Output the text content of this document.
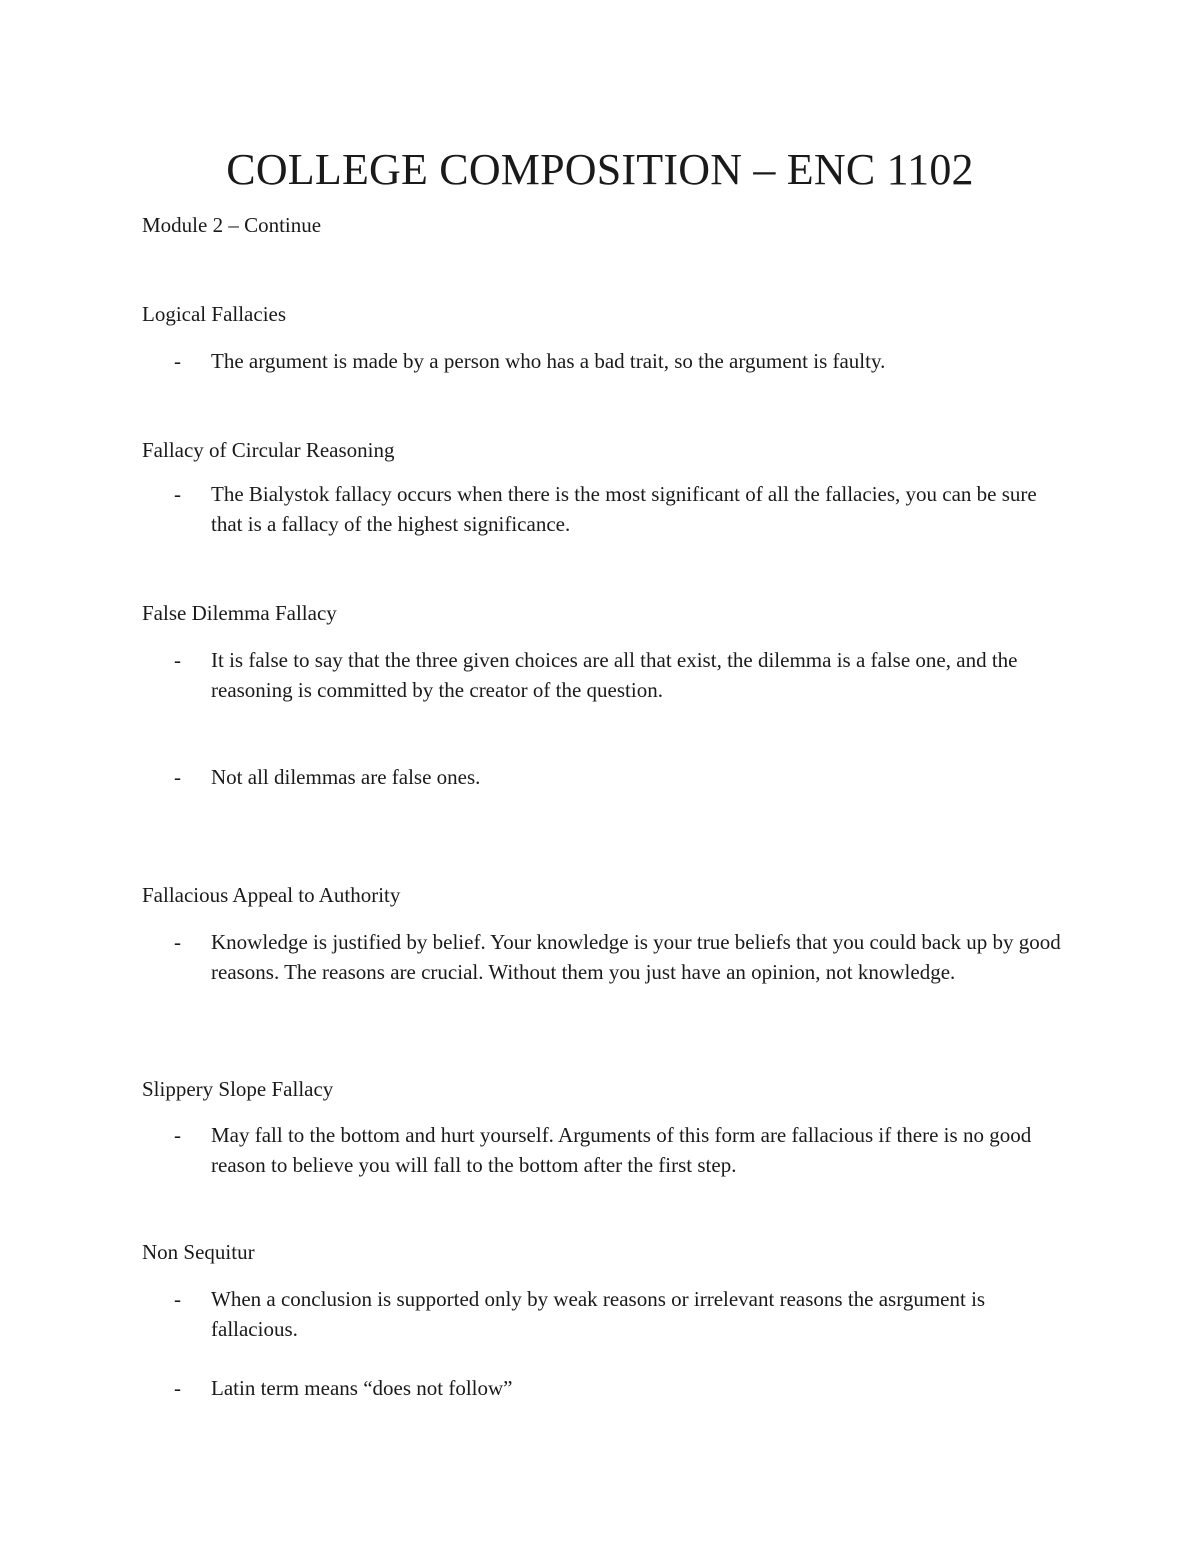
COLLEGE COMPOSITION – ENC 1102

Module 2 – Continue

Logical Fallacies
- The argument is made by a person who has a bad trait, so the argument is faulty.
Fallacy of Circular Reasoning
- The Bialystok fallacy occurs when there is the most significant of all the fallacies, you can be sure that is a fallacy of the highest significance.
False Dilemma Fallacy
- It is false to say that the three given choices are all that exist, the dilemma is a false one, and the reasoning is committed by the creator of the question.
- Not all dilemmas are false ones.
Fallacious Appeal to Authority
- Knowledge is justified by belief. Your knowledge is your true beliefs that you could back up by good reasons. The reasons are crucial. Without them you just have an opinion, not knowledge.
Slippery Slope Fallacy
- May fall to the bottom and hurt yourself. Arguments of this form are fallacious if there is no good reason to believe you will fall to the bottom after the first step.
Non Sequitur
- When a conclusion is supported only by weak reasons or irrelevant reasons the asrgument is fallacious.
- Latin term means “does not follow”
